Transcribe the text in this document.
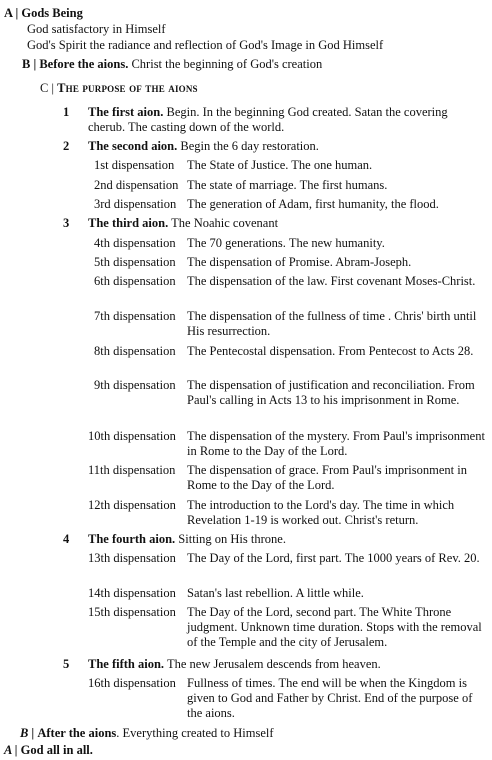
A | Gods Being
God satisfactory in Himself
God's Spirit the radiance and reflection of God's Image in God Himself
B | Before the aions. Christ the beginning of God's creation
C | The purpose of the aions
1 The first aion. Begin. In the beginning God created. Satan the covering cherub. The casting down of the world.
2 The second aion. Begin the 6 day restoration.
1st dispensation The State of Justice. The one human.
2nd dispensation The state of marriage. The first humans.
3rd dispensation The generation of Adam, first humanity, the flood.
3 The third aion. The Noahic covenant
4th dispensation The 70 generations. The new humanity.
5th dispensation The dispensation of Promise. Abram-Joseph.
6th dispensation The dispensation of the law. First covenant Moses-Christ.
7th dispensation The dispensation of the fullness of time . Chris' birth until His resurrection.
8th dispensation The Pentecostal dispensation. From Pentecost to Acts 28.
9th dispensation The dispensation of justification and reconciliation. From Paul's calling in Acts 13 to his imprisonment in Rome.
10th dispensation The dispensation of the mystery. From Paul's imprisonment in Rome to the Day of the Lord.
11th dispensation The dispensation of grace. From Paul's imprisonment in Rome to the Day of the Lord.
12th dispensation The introduction to the Lord's day. The time in which Revelation 1-19 is worked out. Christ's return.
4 The fourth aion. Sitting on His throne.
13th dispensation The Day of the Lord, first part. The 1000 years of Rev. 20.
14th dispensation Satan's last rebellion. A little while.
15th dispensation The Day of the Lord, second part. The White Throne judgment. Unknown time duration. Stops with the removal of the Temple and the city of Jerusalem.
5 The fifth aion. The new Jerusalem descends from heaven.
16th dispensation Fullness of times. The end will be when the Kingdom is given to God and Father by Christ. End of the purpose of the aions.
B | After the aions. Everything created to Himself
A | God all in all.
